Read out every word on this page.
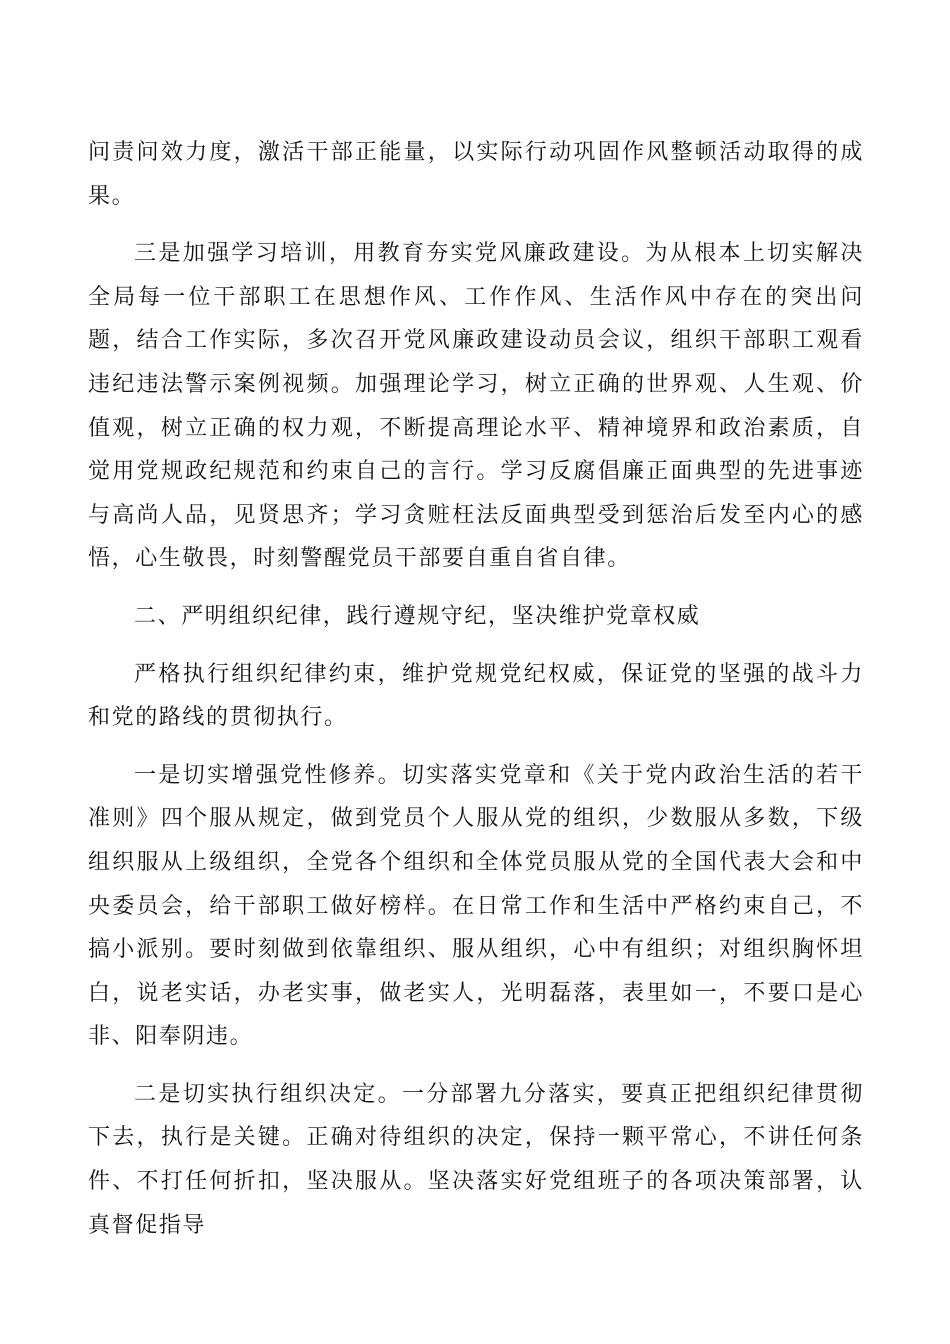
问责问效力度，激活干部正能量，以实际行动巩固作风整顿活动取得的成果。

三是加强学习培训，用教育夯实党风廉政建设。为从根本上切实解决全局每一位干部职工在思想作风、工作作风、生活作风中存在的突出问题，结合工作实际，多次召开党风廉政建设动员会议，组织干部职工观看违纪违法警示案例视频。加强理论学习，树立正确的世界观、人生观、价值观，树立正确的权力观，不断提高理论水平、精神境界和政治素质，自觉用党规政纪规范和约束自己的言行。学习反腐倡廉正面典型的先进事迹与高尚人品，见贤思齐；学习贪赃枉法反面典型受到惩治后发至内心的感悟，心生敬畏，时刻警醒党员干部要自重自省自律。

二、严明组织纪律，践行遵规守纪，坚决维护党章权威

严格执行组织纪律约束，维护党规党纪权威，保证党的坚强的战斗力和党的路线的贯彻执行。

一是切实增强党性修养。切实落实党章和《关于党内政治生活的若干准则》四个服从规定，做到党员个人服从党的组织，少数服从多数，下级组织服从上级组织，全党各个组织和全体党员服从党的全国代表大会和中央委员会，给干部职工做好榜样。在日常工作和生活中严格约束自己，不搞小派别。要时刻做到依靠组织、服从组织，心中有组织；对组织胸怀坦白，说老实话，办老实事，做老实人，光明磊落，表里如一，不要口是心非、阳奉阴违。

二是切实执行组织决定。一分部署九分落实，要真正把组织纪律贯彻下去，执行是关键。正确对待组织的决定，保持一颗平常心，不讲任何条件、不打任何折扣，坚决服从。坚决落实好党组班子的各项决策部署，认真督促指导
